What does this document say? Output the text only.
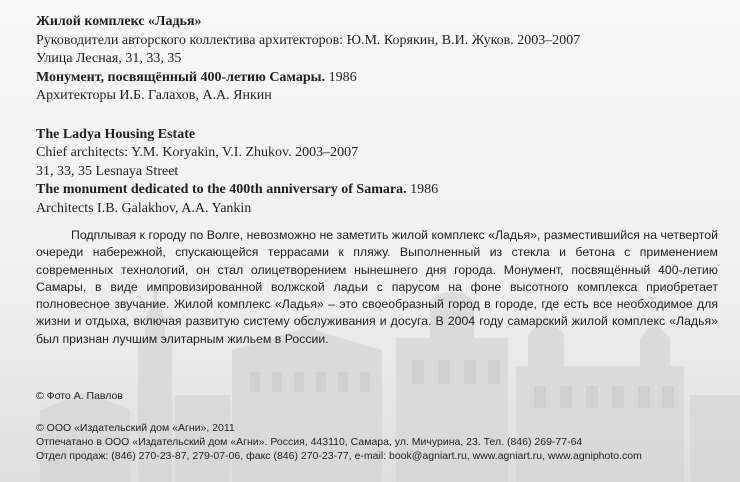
Жилой комплекс «Ладья»
Руководители авторского коллектива архитекторов: Ю.М. Корякин, В.И. Жуков. 2003–2007
Улица Лесная, 31, 33, 35
Монумент, посвящённый 400-летию Самары. 1986
Архитекторы И.Б. Галахов, А.А. Янкин
The Ladya Housing Estate
Chief architects: Y.M. Koryakin, V.I. Zhukov. 2003–2007
31, 33, 35 Lesnaya Street
The monument dedicated to the 400th anniversary of Samara. 1986
Architects I.B. Galakhov, A.A. Yankin
Подплывая к городу по Волге, невозможно не заметить жилой комплекс «Ладья», разместившийся на четвертой очереди набережной, спускающейся террасами к пляжу. Выполненный из стекла и бетона с применением современных технологий, он стал олицетворением нынешнего дня города. Монумент, посвящённый 400-летию Самары, в виде импровизированной волжской ладьи с парусом на фоне высотного комплекса приобретает полновесное звучание. Жилой комплекс «Ладья» – это своеобразный город в городе, где есть все необходимое для жизни и отдыха, включая развитую систему обслуживания и досуга. В 2004 году самарский жилой комплекс «Ладья» был признан лучшим элитарным жильем в России.
© Фото А. Павлов
© ООО «Издательский дом «Агни», 2011
Отпечатано в ООО «Издательский дом «Агни». Россия, 443110, Самара, ул. Мичурина, 23. Тел. (846) 269-77-64
Отдел продаж: (846) 270-23-87, 279-07-06, факс (846) 270-23-77, e-mail: book@agniart.ru, www.agniart.ru, www.agniphoto.com
